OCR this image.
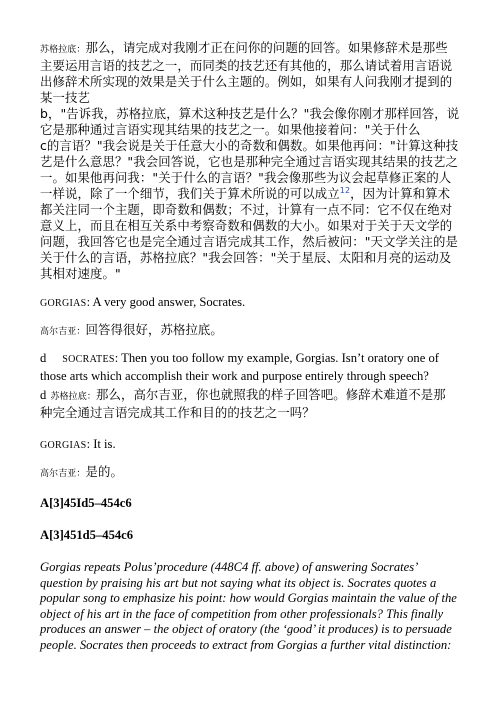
苏格拉底：那么，请完成对我刚才正在问你的问题的回答。如果修辞术是那些
主要运用言语的技艺之一，而同类的技艺还有其他的，那么请试着用言语说
出修辞术所实现的效果是关于什么主题的。例如，如果有人问我刚才提到的
某一技艺
b，"告诉我，苏格拉底，算术这种技艺是什么？"我会像你刚才那样回答，说
它是那种通过言语实现其结果的技艺之一。如果他接着问："关于什么
c的言语？"我会说是关于任意大小的奇数和偶数。如果他再问："计算这种技
艺是什么意思？"我会回答说，它也是那种完全通过言语实现其结果的技艺之
一。如果他再问我："关于什么的言语？"我会像那些为议会起草修正案的人
一样说，除了一个细节，我们关于算术所说的可以成立$^{12}$，因为计算和算术
都关注同一个主题，即奇数和偶数；不过，计算有一点不同：它不仅在绝对
意义上，而且在相互关系中考察奇数和偶数的大小。如果对于关于天文学的
问题，我回答它也是完全通过言语完成其工作，然后被问："天文学关注的是
关于什么的言语，苏格拉底？"我会回答："关于星辰、太阳和月亮的运动及
其相对速度。"
GORGIAS: A very good answer, Socrates.
高尔吉亚：回答得很好，苏格拉底。
d SOCRATES: Then you too follow my example, Gorgias. Isn’t oratory one of
those arts which accomplish their work and purpose entirely through speech?
d 苏格拉底：那么，高尔吉亚，你也就照我的样子回答吧。修辞术难道不是那
种完全通过言语完成其工作和目的的技艺之一吗？
GORGIAS: It is.
高尔吉亚：是的。
A[3]45Id5–454c6
A[3]451d5–454c6
Gorgias repeats Polus’procedure (448C4 ff. above) of answering Socrates’
question by praising his art but not saying what its object is. Socrates quotes a
popular song to emphasize his point: how would Gorgias maintain the value of the
object of his art in the face of competition from other professionals? This finally
produces an answer – the object of oratory (the ‘good’ it produces) is to persuade
people. Socrates then proceeds to extract from Gorgias a further vital distinction:
